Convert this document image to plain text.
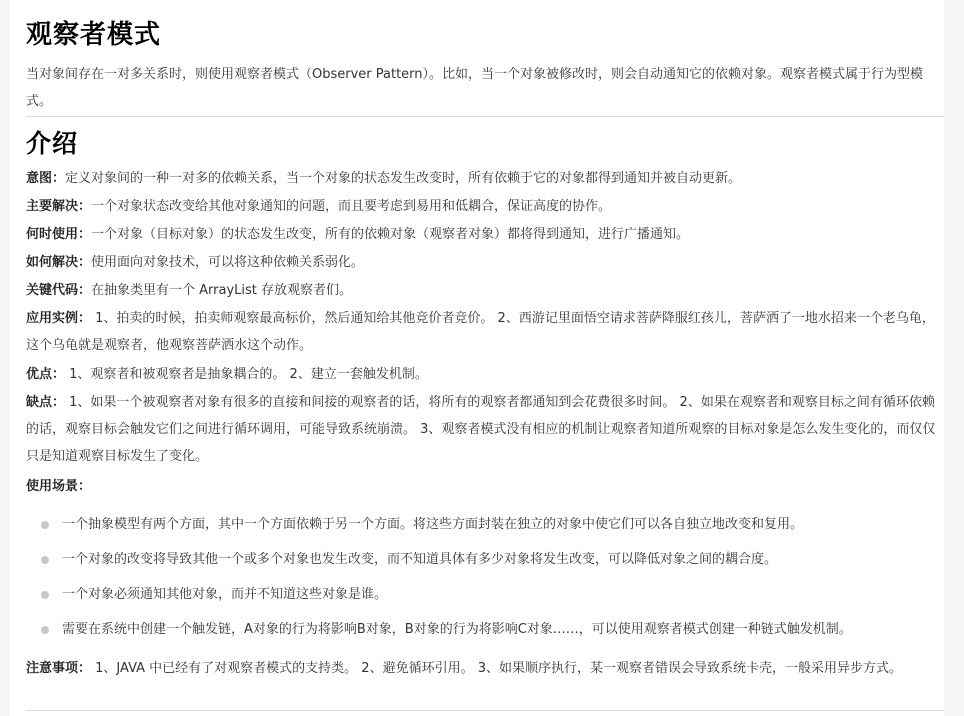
观察者模式

当对象间存在一对多关系时，则使用观察者模式（Observer Pattern）。比如，当一个对象被修改时，则会自动通知它的依赖对象。观察者模式属于行为型模式。

介绍

意图：定义对象间的一种一对多的依赖关系，当一个对象的状态发生改变时，所有依赖于它的对象都得到通知并被自动更新。

主要解决：一个对象状态改变给其他对象通知的问题，而且要考虑到易用和低耦合，保证高度的协作。

何时使用：一个对象（目标对象）的状态发生改变，所有的依赖对象（观察者对象）都将得到通知，进行广播通知。

如何解决：使用面向对象技术，可以将这种依赖关系弱化。

关键代码：在抽象类里有一个 ArrayList 存放观察者们。

应用实例： 1、拍卖的时候，拍卖师观察最高标价，然后通知给其他竞价者竞价。 2、西游记里面悟空请求菩萨降服红孩儿，菩萨洒了一地水招来一个老乌龟，这个乌龟就是观察者，他观察菩萨洒水这个动作。

优点： 1、观察者和被观察者是抽象耦合的。 2、建立一套触发机制。

缺点： 1、如果一个被观察者对象有很多的直接和间接的观察者的话，将所有的观察者都通知到会花费很多时间。 2、如果在观察者和观察目标之间有循环依赖的话，观察目标会触发它们之间进行循环调用，可能导致系统崩溃。 3、观察者模式没有相应的机制让观察者知道所观察的目标对象是怎么发生变化的，而仅仅只是知道观察目标发生了变化。

使用场景：

一个抽象模型有两个方面，其中一个方面依赖于另一个方面。将这些方面封装在独立的对象中使它们可以各自独立地改变和复用。
一个对象的改变将导致其他一个或多个对象也发生改变，而不知道具体有多少对象将发生改变，可以降低对象之间的耦合度。
一个对象必须通知其他对象，而并不知道这些对象是谁。
需要在系统中创建一个触发链，A对象的行为将影响B对象，B对象的行为将影响C对象……，可以使用观察者模式创建一种链式触发机制。

注意事项： 1、JAVA 中已经有了对观察者模式的支持类。 2、避免循环引用。 3、如果顺序执行，某一观察者错误会导致系统卡壳，一般采用异步方式。
